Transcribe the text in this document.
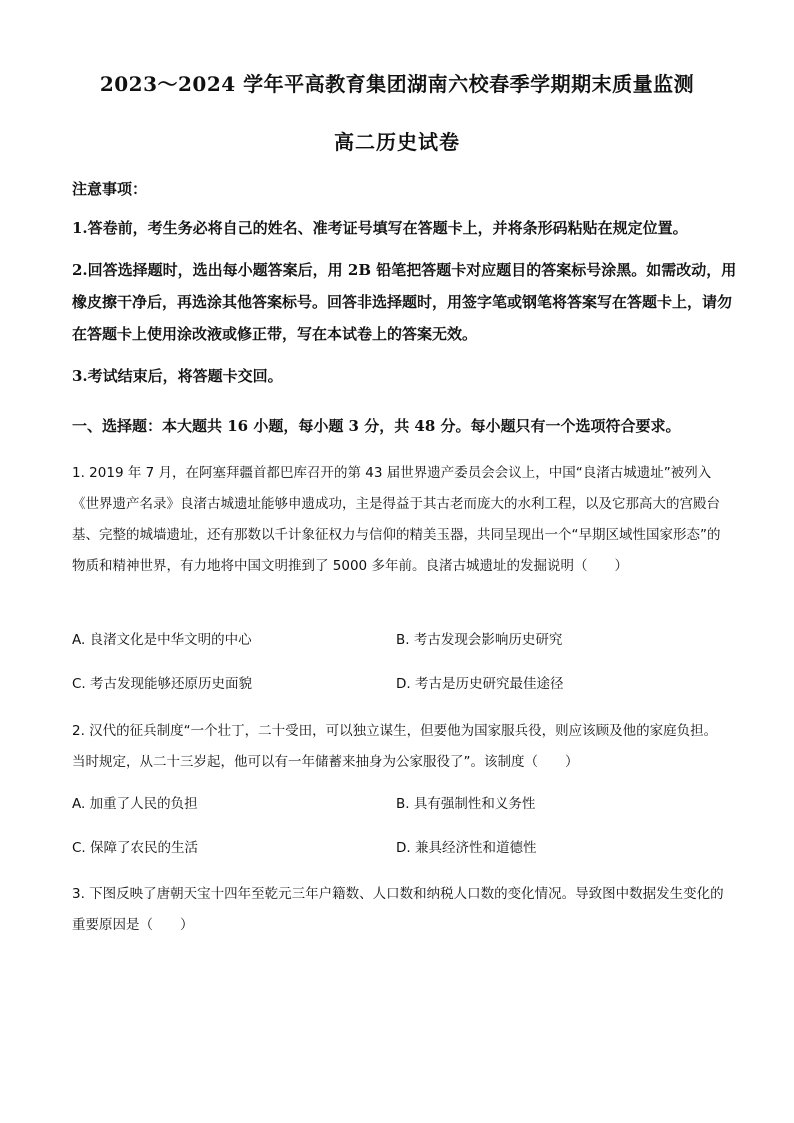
2023～2024 学年平高教育集团湖南六校春季学期期末质量监测
高二历史试卷

注意事项：

1.答卷前，考生务必将自己的姓名、准考证号填写在答题卡上，并将条形码粘贴在规定位置。

2.回答选择题时，选出每小题答案后，用 2B 铅笔把答题卡对应题目的答案标号涂黑。如需改动，用橡皮擦干净后，再选涂其他答案标号。回答非选择题时，用签字笔或钢笔将答案写在答题卡上，请勿在答题卡上使用涂改液或修正带，写在本试卷上的答案无效。

3.考试结束后，将答题卡交回。

一、选择题：本大题共 16 小题，每小题 3 分，共 48 分。每小题只有一个选项符合要求。

1. 2019 年 7 月，在阿塞拜疆首都巴库召开的第 43 届世界遗产委员会会议上，中国“良渚古城遗址”被列入《世界遗产名录》良渚古城遗址能够申遗成功，主是得益于其古老而庞大的水利工程，以及它那高大的宫殿台基、完整的城墙遗址，还有那数以千计象征权力与信仰的精美玉器，共同呈现出一个“早期区域性国家形态”的物质和精神世界，有力地将中国文明推到了 5000 多年前。良渚古城遗址的发掘说明（　　）

A. 良渚文化是中华文明的中心	B. 考古发现会影响历史研究
C. 考古发现能够还原历史面貌	D. 考古是历史研究最佳途径

2. 汉代的征兵制度“一个壮丁，二十受田，可以独立谋生，但要他为国家服兵役，则应该顾及他的家庭负担。当时规定，从二十三岁起，他可以有一年储蓄来抽身为公家服役了”。该制度（　　）

A. 加重了人民的负担	B. 具有强制性和义务性
C. 保障了农民的生活	D. 兼具经济性和道德性

3. 下图反映了唐朝天宝十四年至乾元三年户籍数、人口数和纳税人口数的变化情况。导致图中数据发生变化的重要原因是（　　）
